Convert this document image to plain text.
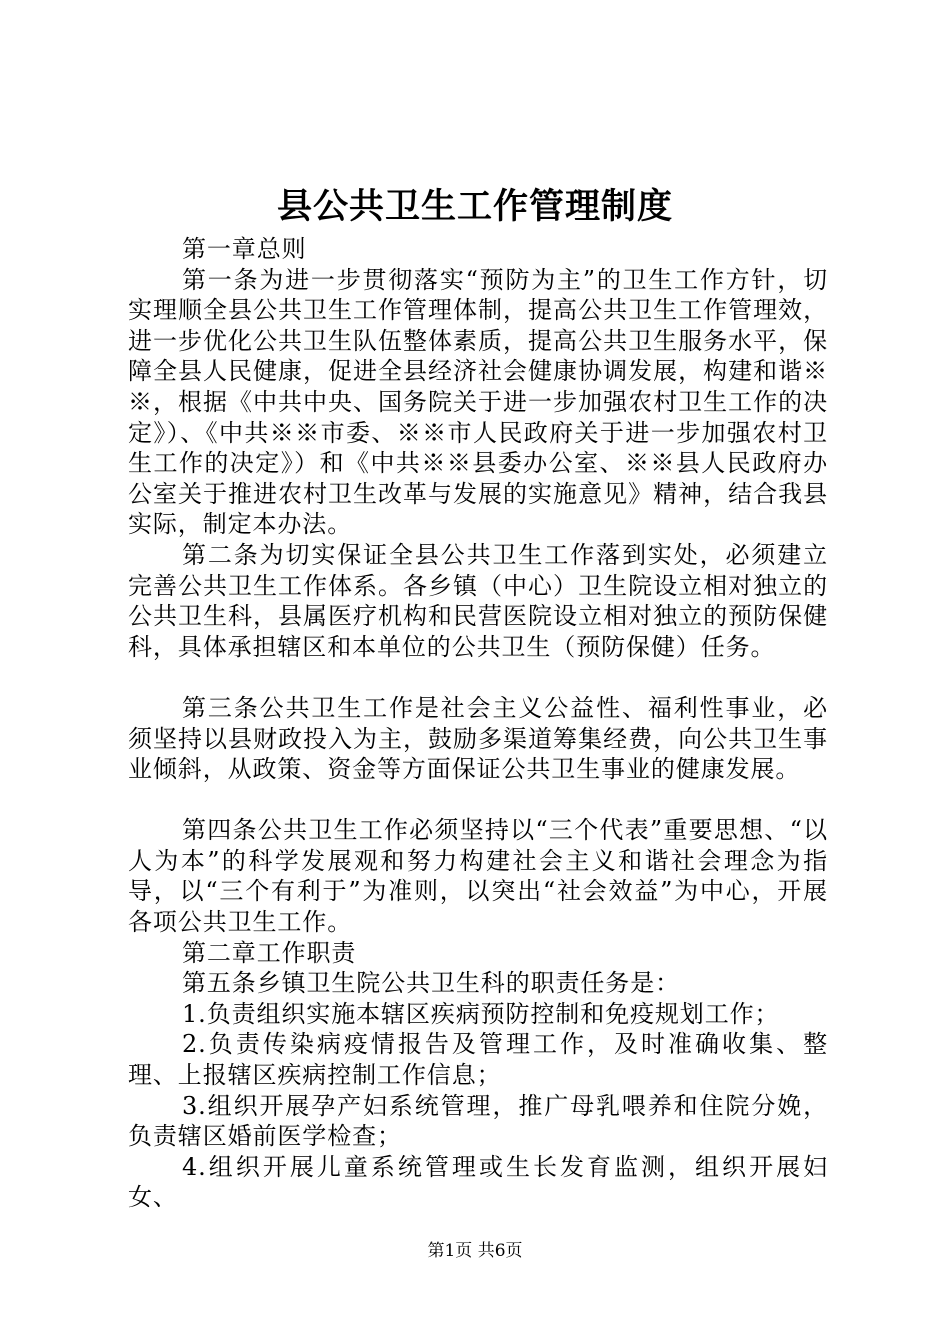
县公共卫生工作管理制度

第一章总则

第一条为进一步贯彻落实“预防为主”的卫生工作方针，切实理顺全县公共卫生工作管理体制，提高公共卫生工作管理效，进一步优化公共卫生队伍整体素质，提高公共卫生服务水平，保障全县人民健康，促进全县经济社会健康协调发展，构建和谐※※，根据《中共中央、国务院关于进一步加强农村卫生工作的决定》）、《中共※※市委、※※市人民政府关于进一步加强农村卫生工作的决定》）和《中共※※县委办公室、※※县人民政府办公室关于推进农村卫生改革与发展的实施意见》精神，结合我县实际，制定本办法。

第二条为切实保证全县公共卫生工作落到实处，必须建立完善公共卫生工作体系。各乡镇（中心）卫生院设立相对独立的公共卫生科，县属医疗机构和民营医院设立相对独立的预防保健科，具体承担辖区和本单位的公共卫生（预防保健）任务。

第三条公共卫生工作是社会主义公益性、福利性事业，必须坚持以县财政投入为主，鼓励多渠道筹集经费，向公共卫生事业倾斜，从政策、资金等方面保证公共卫生事业的健康发展。

第四条公共卫生工作必须坚持以“三个代表”重要思想、“以人为本”的科学发展观和努力构建社会主义和谐社会理念为指导，以“三个有利于”为准则，以突出“社会效益”为中心，开展各项公共卫生工作。

第二章工作职责

第五条乡镇卫生院公共卫生科的职责任务是：

1.负责组织实施本辖区疾病预防控制和免疫规划工作；

2.负责传染病疫情报告及管理工作，及时准确收集、整理、上报辖区疾病控制工作信息；

3.组织开展孕产妇系统管理，推广母乳喂养和住院分娩，负责辖区婚前医学检查；

4.组织开展儿童系统管理或生长发育监测，组织开展妇女、

第1页 共6页
